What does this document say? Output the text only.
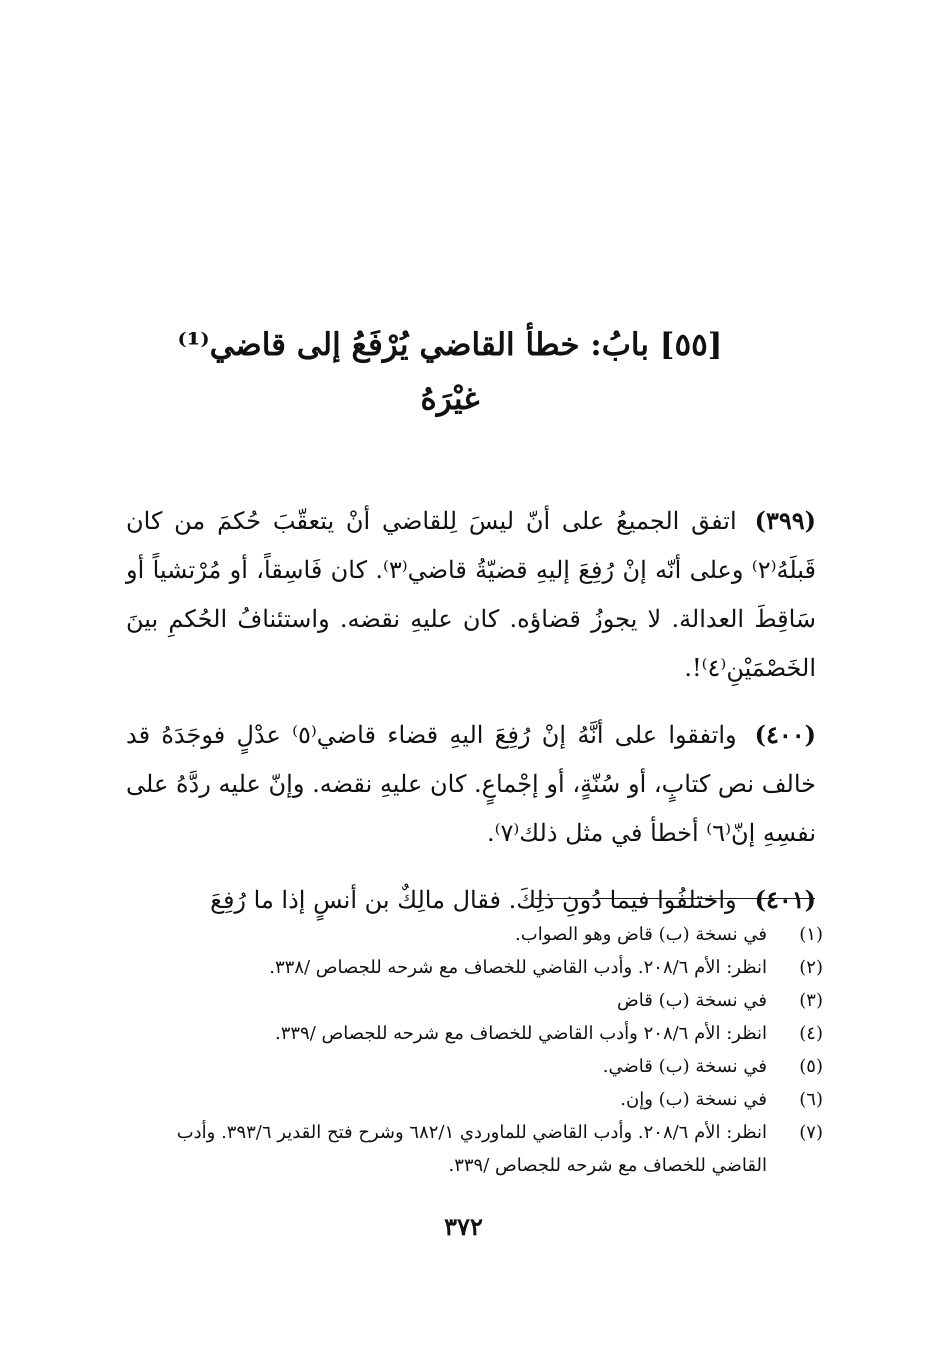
[٥٥] بابُ: خطأ القاضي يُرْفَعُ إلى قاضي⁽¹⁾ غيْرَهُ

(٣٩٩)اتفق الجميعُ على أنّ ليسَ لِلقاضي أنْ يتعقّبَ حُكمَ من كان قَبلَهُ⁽٢⁾ وعلى أنّه إنْ رُفِعَ إليهِ قضيّةُ قاضي⁽٣⁾. كان فَاسِقاً، أو مُرْتشياً أو سَاقِطَ العدالة. لا يجوزُ قضاؤه. كان عليهِ نقضه. واستئنافُ الحُكمِ بينَ الخَصْمَيْنِ⁽٤⁾!.

(٤٠٠)واتفقوا على أنَّهُ إنْ رُفِعَ اليهِ قضاء قاضي⁽٥⁾ عدْلٍ فوجَدَهُ قد خالف نص كتابٍ، أو سُنّةٍ، أو إجْماعٍ. كان عليهِ نقضه. وإنّ عليه ردَّهُ على نفسِهِ إنّ⁽٦⁾ أخطأ في مثل ذلك⁽٧⁾.

(٤٠١)واختلفُوا فيما دُونِ ذلِكَ. فقال مالِكٌ بن أنسٍ إذا ما رُفِعَ

(١)
في نسخة (ب) قاض وهو الصواب.
(٢)
انظر: الأم ٢٠٨/٦. وأدب القاضي للخصاف مع شرحه للجصاص /٣٣٨.
(٣)
في نسخة (ب) قاض
(٤)
انظر: الأم ٢٠٨/٦ وأدب القاضي للخصاف مع شرحه للجصاص /٣٣٩.
(٥)
في نسخة (ب) قاضي.
(٦)
في نسخة (ب) وإن.
(٧)
انظر: الأم ٢٠٨/٦. وأدب القاضي للماوردي ٦٨٢/١ وشرح فتح القدير ٣٩٣/٦. وأدب القاضي للخصاف مع شرحه للجصاص /٣٣٩.
٣٧٢
